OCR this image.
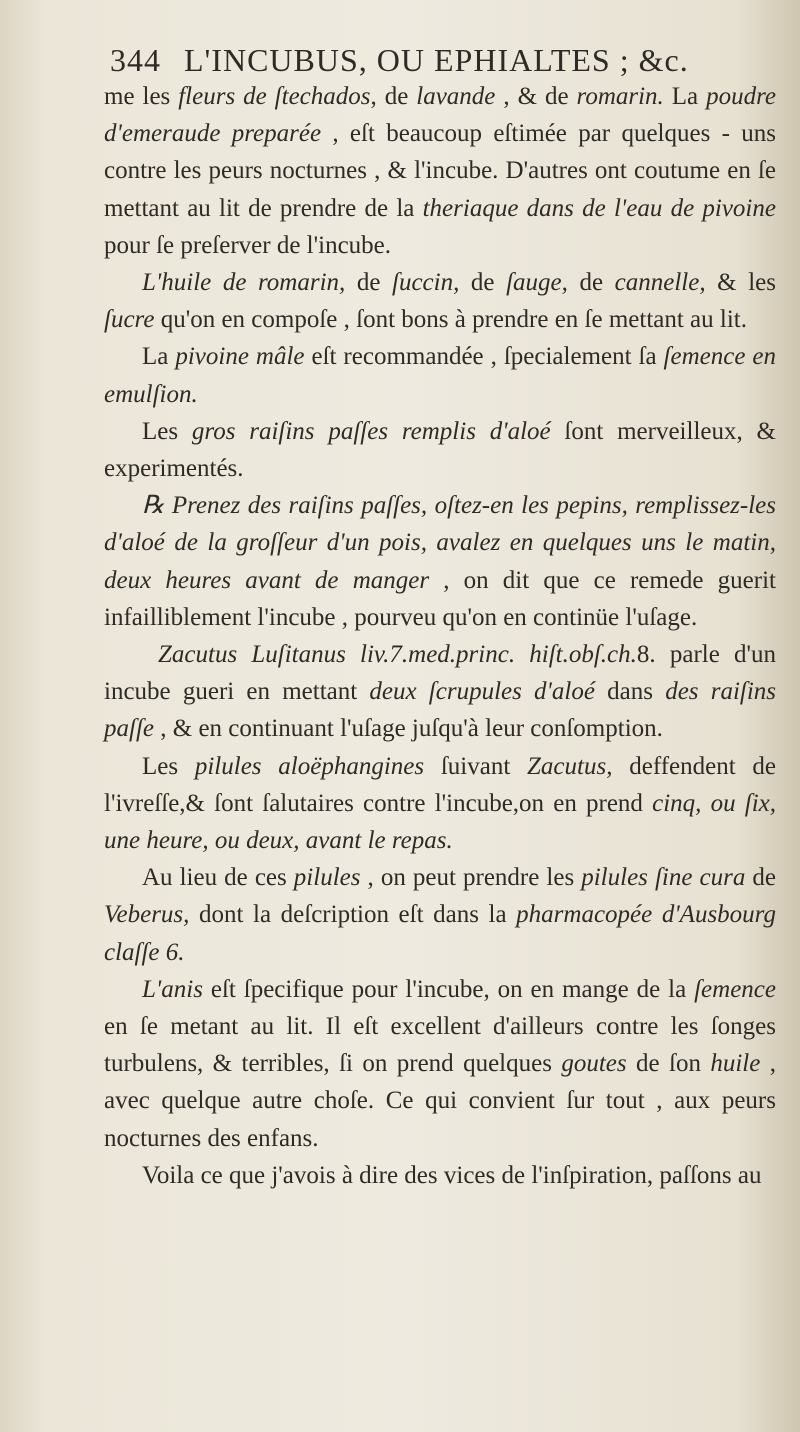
344 L'INCUBUS, OU EPHIALTES ; &c.

me les fleurs de ſtechados, de lavande , & de romarin. La poudre d'emeraude preparée , eſt beaucoup eſtimée par quelques - uns contre les peurs nocturnes , & l'incube. D'autres ont coutume en ſe mettant au lit de prendre de la theriaque dans de l'eau de pivoine pour ſe preſerver de l'incube.

L'huile de romarin, de ſuccin, de ſauge, de cannelle, & les ſucre qu'on en compoſe , ſont bons à prendre en ſe mettant au lit.

La pivoine mâle eſt recommandée , ſpecialement ſa ſemence en emulſion.

Les gros raiſins paſſes remplis d'aloé ſont merveilleux, & experimentés.

℞ Prenez des raiſins paſſes, oſtez-en les pepins, remplissez-les d'aloé de la groſſeur d'un pois, avalez en quelques uns le matin, deux heures avant de manger , on dit que ce remede guerit infailliblement l'incube , pourveu qu'on en continüe l'uſage.

Zacutus Luſitanus liv.7.med.princ. hiſt.obſ.ch.8. parle d'un incube gueri en mettant deux ſcrupules d'aloé dans des raiſins paſſe , & en continuant l'uſage juſqu'à leur conſomption.

Les pilules aloëphangines ſuivant Zacutus, deffendent de l'ivreſſe,& ſont ſalutaires contre l'incube,on en prend cinq, ou ſix, une heure, ou deux, avant le repas.

Au lieu de ces pilules , on peut prendre les pilules ſine cura de Veberus, dont la deſcription eſt dans la pharmacopée d'Ausbourg claſſe 6.

L'anis eſt ſpecifique pour l'incube, on en mange de la ſemence en ſe metant au lit. Il eſt excellent d'ailleurs contre les ſonges turbulens, & terribles, ſi on prend quelques goutes de ſon huile , avec quelque autre choſe. Ce qui convient ſur tout , aux peurs nocturnes des enfans.

Voila ce que j'avois à dire des vices de l'inſpiration, paſſons au
